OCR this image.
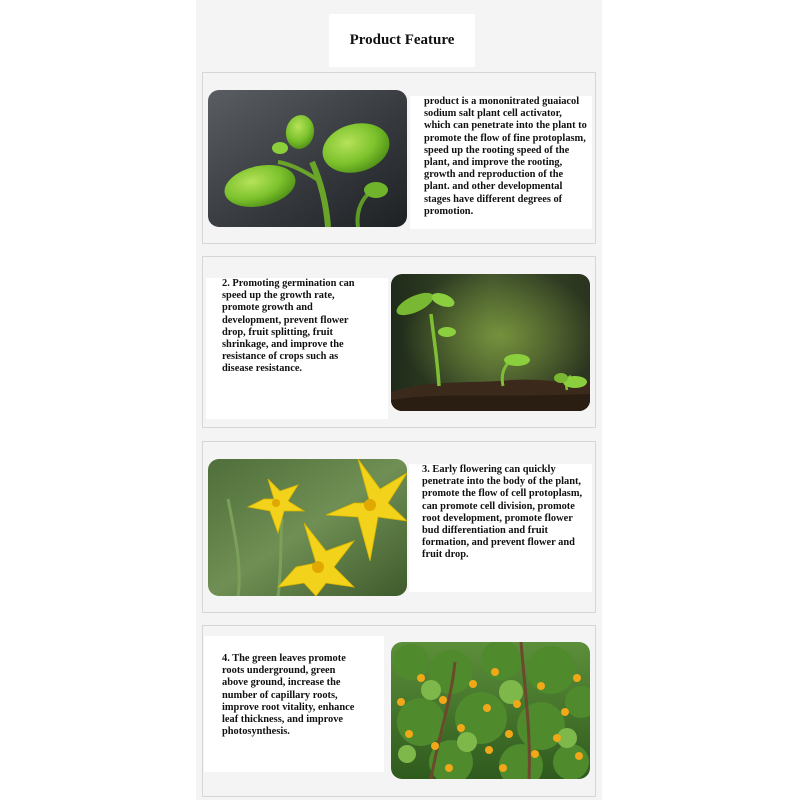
Product Feature
product is a mononitrated guaiacol sodium salt plant cell activator, which can penetrate into the plant to promote the flow of fine protoplasm, speed up the rooting speed of the plant, and improve the rooting, growth and reproduction of the plant. and other developmental stages have different degrees of promotion.
2. Promoting germination can speed up the growth rate, promote growth and development, prevent flower drop, fruit splitting, fruit shrinkage, and improve the resistance of crops such as disease resistance.
3. Early flowering can quickly penetrate into the body of the plant, promote the flow of cell protoplasm, can promote cell division, promote root development, promote flower bud differentiation and fruit formation, and prevent flower and fruit drop.
4. The green leaves promote roots underground, green above ground, increase the number of capillary roots, improve root vitality, enhance leaf thickness, and improve photosynthesis.
